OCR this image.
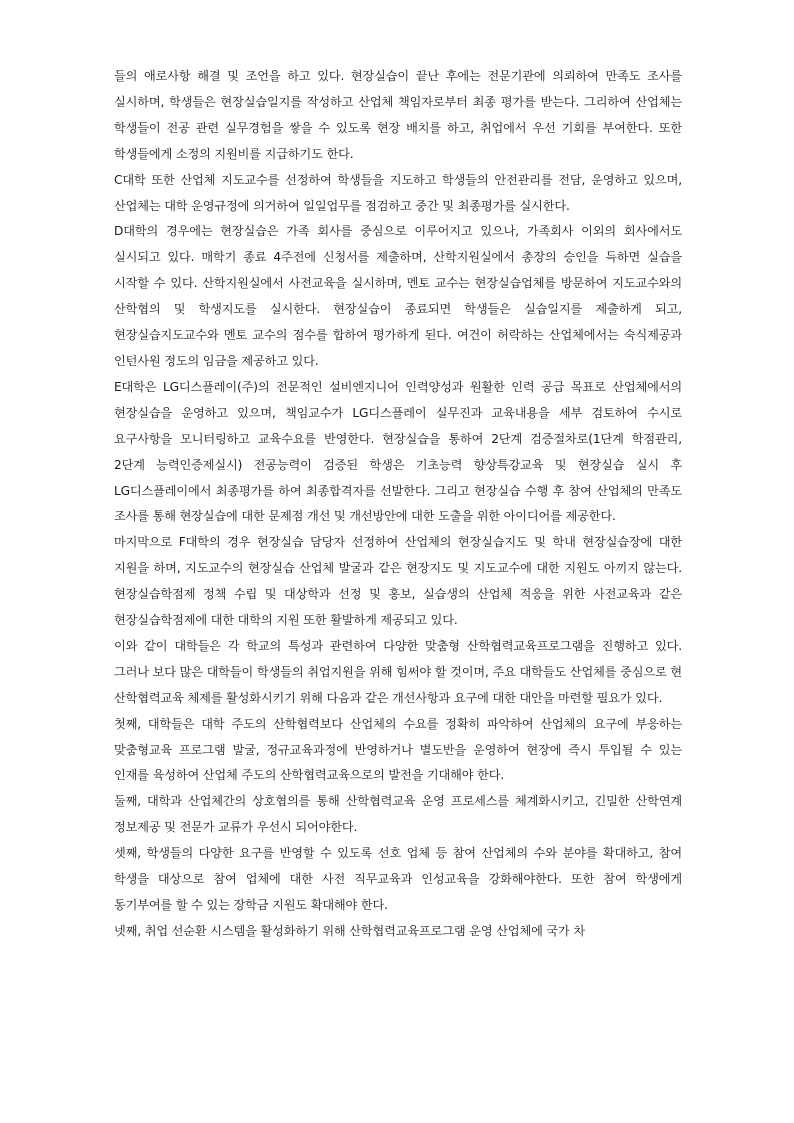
들의 애로사항 해결 및 조언을 하고 있다. 현장실습이 끝난 후에는 전문기관에 의뢰하여 만족도 조사를 실시하며, 학생들은 현장실습일지를 작성하고 산업체 책임자로부터 최종 평가를 받는다. 그리하여 산업체는 학생들이 전공 관련 실무경험을 쌓을 수 있도록 현장 배치를 하고, 취업에서 우선 기회를 부여한다. 또한 학생들에게 소정의 지원비를 지급하기도 한다.

C대학 또한 산업체 지도교수를 선정하여 학생들을 지도하고 학생들의 안전관리를 전담, 운영하고 있으며, 산업체는 대학 운영규정에 의거하여 일일업무를 점검하고 중간 및 최종평가를 실시한다.

D대학의 경우에는 현장실습은 가족 회사를 중심으로 이루어지고 있으나, 가족회사 이외의 회사에서도 실시되고 있다. 매학기 종료 4주전에 신청서를 제출하며, 산학지원실에서 총장의 승인을 득하면 실습을 시작할 수 있다. 산학지원실에서 사전교육을 실시하며, 멘토 교수는 현장실습업체를 방문하여 지도교수와의 산학협의 및 학생지도를 실시한다. 현장실습이 종료되면 학생들은 실습일지를 제출하게 되고, 현장실습지도교수와 멘토 교수의 점수를 합하여 평가하게 된다. 여건이 허락하는 산업체에서는 숙식제공과 인턴사원 정도의 임금을 제공하고 있다.

E대학은 LG디스플레이(주)의 전문적인 설비엔지니어 인력양성과 원활한 인력 공급 목표로 산업체에서의 현장실습을 운영하고 있으며, 책임교수가 LG디스플레이 실무진과 교육내용을 세부 검토하여 수시로 요구사항을 모니터링하고 교육수요를 반영한다. 현장실습을 통하여 2단계 검증절차로(1단계 학점관리, 2단계 능력인증제실시) 전공능력이 검증된 학생은 기초능력 향상특강교육 및 현장실습 실시 후 LG디스플레이에서 최종평가를 하여 최종합격자를 선발한다. 그리고 현장실습 수행 후 참여 산업체의 만족도 조사를 통해 현장실습에 대한 문제점 개선 및 개선방안에 대한 도출을 위한 아이디어를 제공한다.

마지막으로 F대학의 경우 현장실습 담당자 선정하여 산업체의 현장실습지도 및 학내 현장실습장에 대한 지원을 하며, 지도교수의 현장실습 산업체 발굴과 같은 현장지도 및 지도교수에 대한 지원도 아끼지 않는다. 현장실습학점제 정책 수립 및 대상학과 선정 및 홍보, 실습생의 산업체 적응을 위한 사전교육과 같은 현장실습학점제에 대한 대학의 지원 또한 활발하게 제공되고 있다.

이와 같이 대학들은 각 학교의 특성과 관련하여 다양한 맞춤형 산학협력교육프로그램을 진행하고 있다. 그러나 보다 많은 대학들이 학생들의 취업지원을 위해 힘써야 할 것이며, 주요 대학들도 산업체를 중심으로 현 산학협력교육 체제를 활성화시키기 위해 다음과 같은 개선사항과 요구에 대한 대안을 마련할 필요가 있다.

첫째, 대학들은 대학 주도의 산학협력보다 산업체의 수요를 정확히 파악하여 산업체의 요구에 부응하는 맞춤형교육 프로그램 발굴, 정규교육과정에 반영하거나 별도반을 운영하여 현장에 즉시 투입될 수 있는 인재를 육성하여 산업체 주도의 산학협력교육으로의 발전을 기대해야 한다.

둘째, 대학과 산업체간의 상호협의를 통해 산학협력교육 운영 프로세스를 체계화시키고, 긴밀한 산학연계 정보제공 및 전문가 교류가 우선시 되어야한다.

셋째, 학생들의 다양한 요구를 반영할 수 있도록 선호 업체 등 참여 산업체의 수와 분야를 확대하고, 참여 학생을 대상으로 참여 업체에 대한 사전 직무교육과 인성교육을 강화해야한다. 또한 참여 학생에게 동기부여를 할 수 있는 장학금 지원도 확대해야 한다.

넷째, 취업 선순환 시스템을 활성화하기 위해 산학협력교육프로그램 운영 산업체에 국가 차
